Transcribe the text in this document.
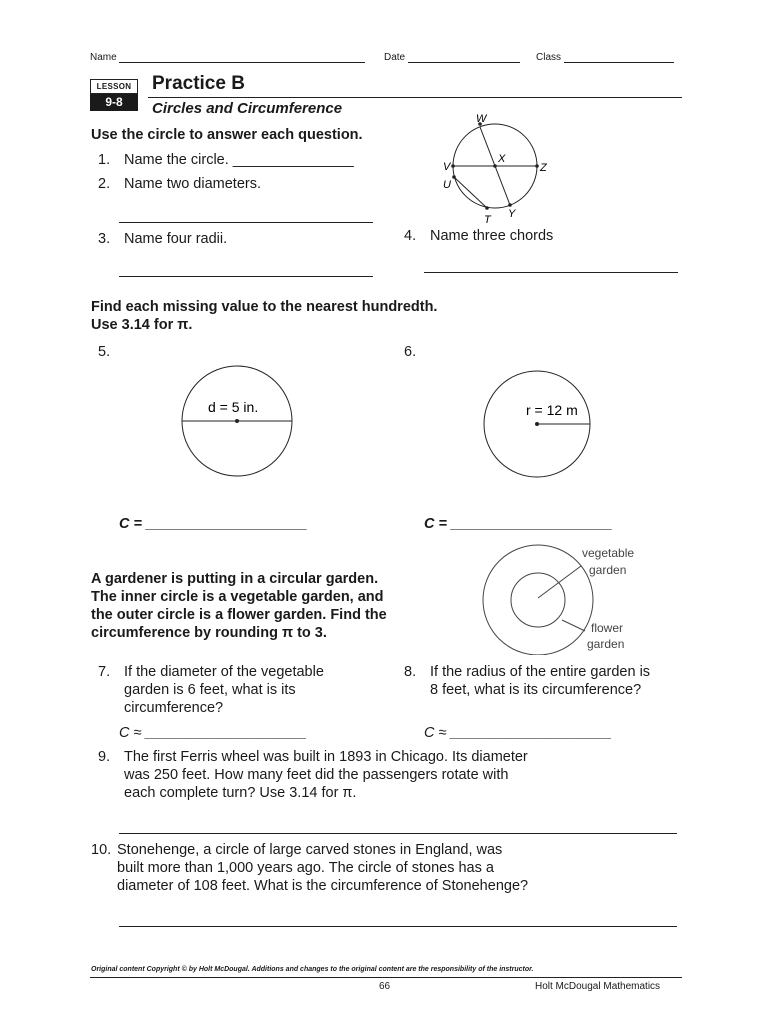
Name	Date	Class
LESSON
9-8
Practice B
Circles and Circumference
Use the circle to answer each question.
1. Name the circle. _______________
2. Name two diameters.
3. Name four radii.	4. Name three chords
W
X
V	Z
U
T Y
Find each missing value to the nearest hundredth.
Use 3.14 for π.
5.	6.
d = 5 in.	r = 12 m
C = ____________________	C = ____________________
A gardener is putting in a circular garden.
The inner circle is a vegetable garden, and
the outer circle is a flower garden. Find the
circumference by rounding π to 3.
vegetable
garden
flower
garden
7. If the diameter of the vegetable
garden is 6 feet, what is its
circumference?
8. If the radius of the entire garden is
8 feet, what is its circumference?
C ≈ ____________________	C ≈ ____________________
9. The first Ferris wheel was built in 1893 in Chicago. Its diameter
was 250 feet. How many feet did the passengers rotate with
each complete turn? Use 3.14 for π.
10. Stonehenge, a circle of large carved stones in England, was
built more than 1,000 years ago. The circle of stones has a
diameter of 108 feet. What is the circumference of Stonehenge?
Original content Copyright © by Holt McDougal. Additions and changes to the original content are the responsibility of the instructor.
66	Holt McDougal Mathematics
